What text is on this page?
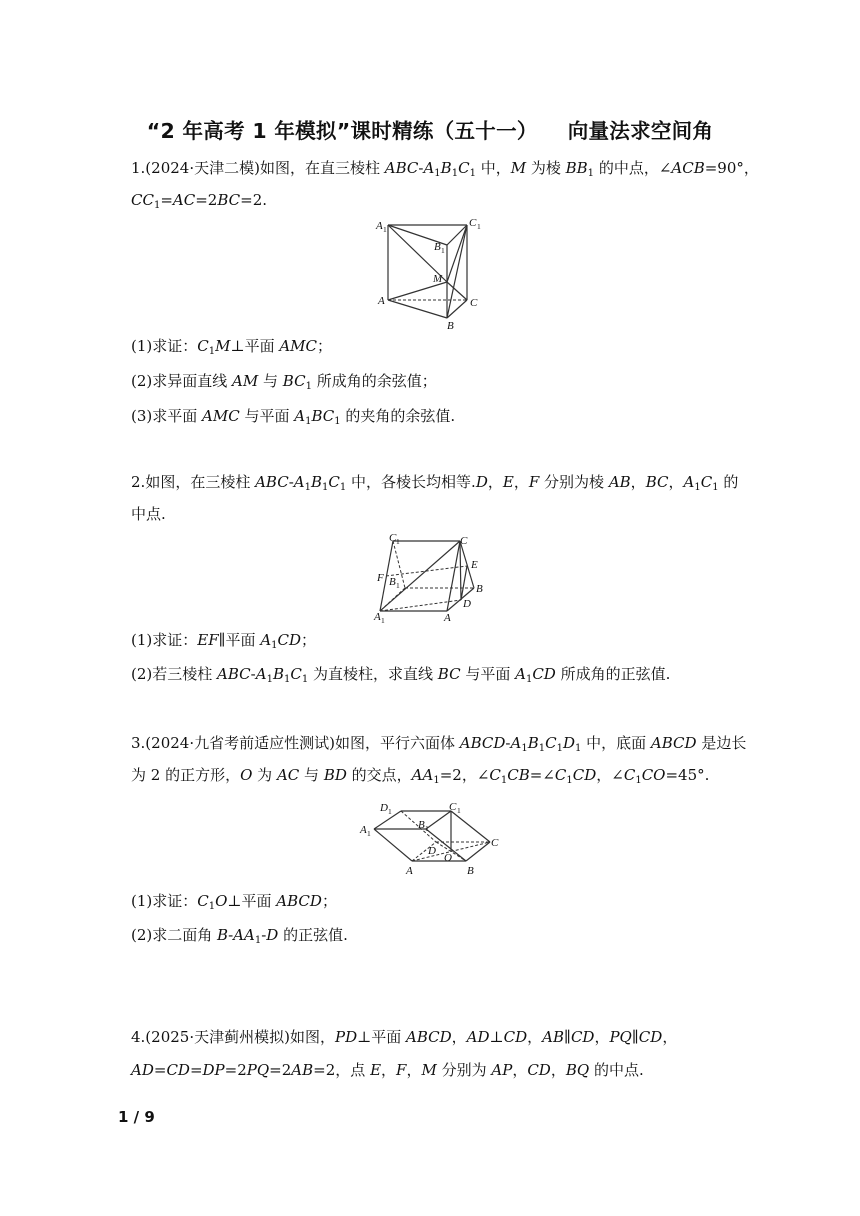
“2 年高考 1 年模拟”课时精练（五十一） 向量法求空间角
1.(2024·天津二模)如图，在直三棱柱 ABC-$A_1B_1C_1$ 中，M 为棱 $BB_1$ 的中点，∠ACB=90°，
$CC_1=AC=2BC=2$.
A 1
C 1
B 1
M
A	C
B
(1)求证：$C_1M\perp$平面 AMC；
(2)求异面直线 AM 与 $BC_1$ 所成角的余弦值；
(3)求平面 AMC 与平面 $A_1BC_1$ 的夹角的余弦值.
2.如图，在三棱柱 ABC-$A_1B_1C_1$ 中，各棱长均相等.D，E，F 分别为棱 AB，BC，$A_1C_1$ 的
中点.
C 1	C
E
F B 1	B
D
A 1	A
(1)求证：EF∥平面 $A_1CD$；
(2)若三棱柱 ABC-$A_1B_1C_1$ 为直棱柱，求直线 BC 与平面 $A_1CD$ 所成角的正弦值.
3.(2024·九省考前适应性测试)如图，平行六面体 ABCD-$A_1B_1C_1D_1$ 中，底面 ABCD 是边长
为 2 的正方形，O 为 AC 与 BD 的交点，$AA_1=2$，$\angle C_1CB=\angle C_1CD$，$\angle C_1CO=45^\circ$.
D 1	C 1
A 1
B 1
D
O
C
A	B
(1)求证：$C_1O\perp$平面 ABCD；
(2)求二面角 $B-AA_1-D$ 的正弦值.
4.(2025·天津蓟州模拟)如图，PD⊥平面 ABCD，AD⊥CD，AB∥CD，PQ∥CD，
AD=CD=DP=2PQ=2AB=2，点 E，F，M 分别为 AP，CD，BQ 的中点.
1 / 9
